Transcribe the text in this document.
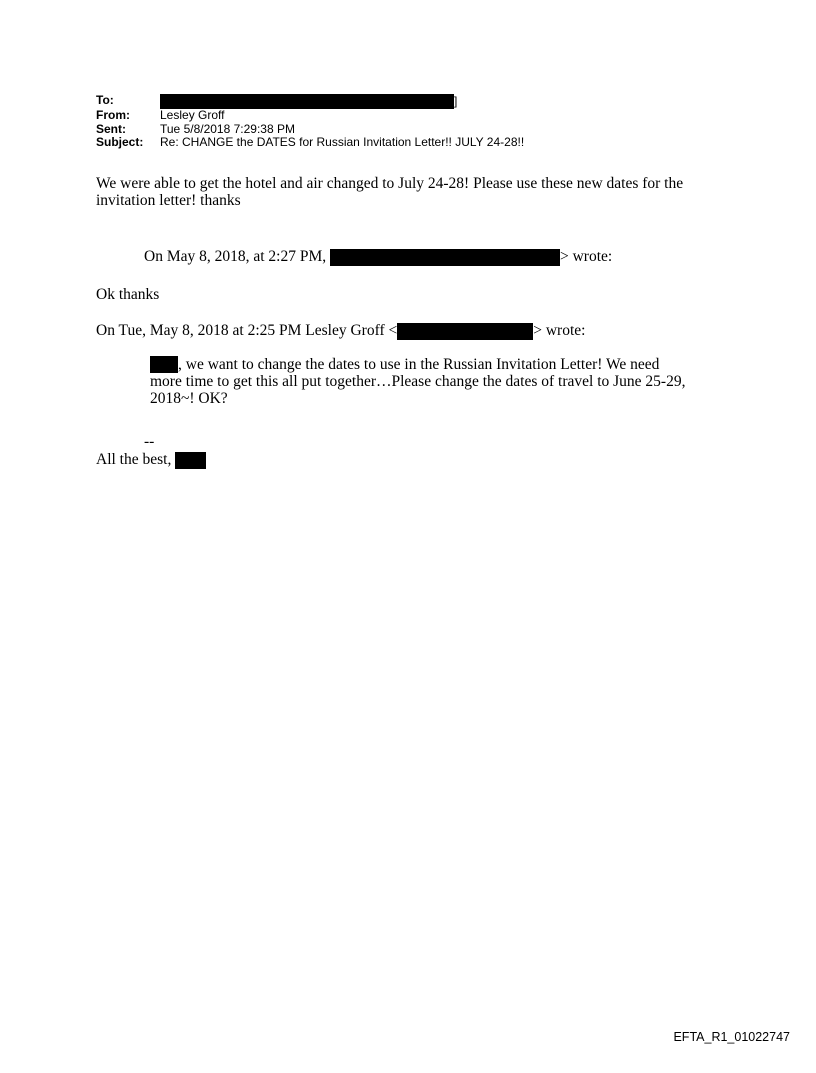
To:	]
From:	Lesley Groff
Sent:	Tue 5/8/2018 7:29:38 PM
Subject:	Re: CHANGE the DATES for Russian Invitation Letter!! JULY 24-28!!
We were able to get the hotel and air changed to July 24-28! Please use these new dates for the invitation letter! thanks
On May 8, 2018, at 2:27 PM,	> wrote:
Ok thanks
On Tue, May 8, 2018 at 2:25 PM Lesley Groff <	> wrote:
, we want to change the dates to use in the Russian Invitation Letter! We need more time to get this all put together…Please change the dates of travel to June 25-29, 2018~! OK?
--
All the best,
EFTA_R1_01022747
